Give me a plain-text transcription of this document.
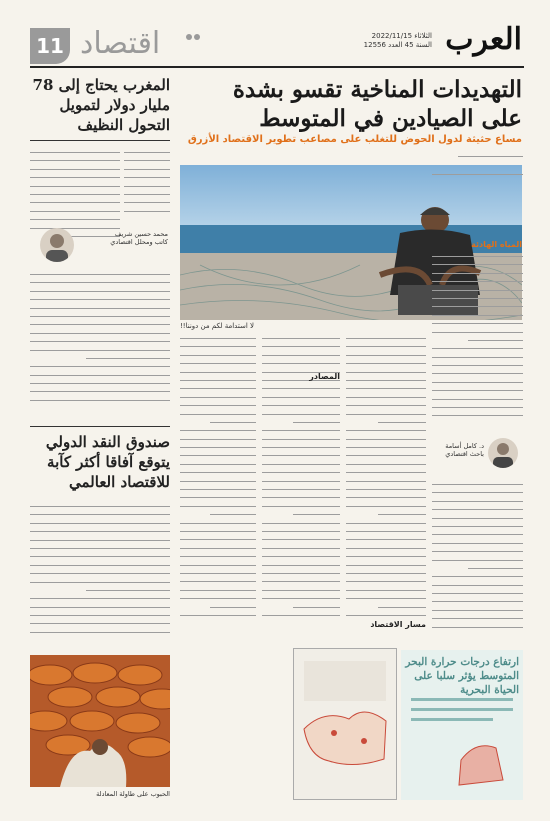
11 اقتصاد	الثلاثاء 2022/11/15
السنة 45 العدد 12556 العرب
المغرب يحتاج إلى 78 مليار دولار لتمويل التحول النظيف
محمد حسين شريف
كاتب ومحلل اقتصادي
صندوق النقد الدولي يتوقع آفاقا أكثر كآبة للاقتصاد العالمي
الحبوب على طاولة المعادلة
التهديدات المناخية تقسو بشدة
على الصيادين في المتوسط
مساع حثيثة لدول الحوض للتغلب على مصاعب تطوير الاقتصاد الأزرق
لا استدامة لكم من دوننا!!
المصادر
مسار الاقتصاد
المياه الهادئة
د. كامل أسامة
باحث اقتصادي
ارتفاع درجات حرارة البحر المتوسط يؤثر سلبا على الحياة البحرية
